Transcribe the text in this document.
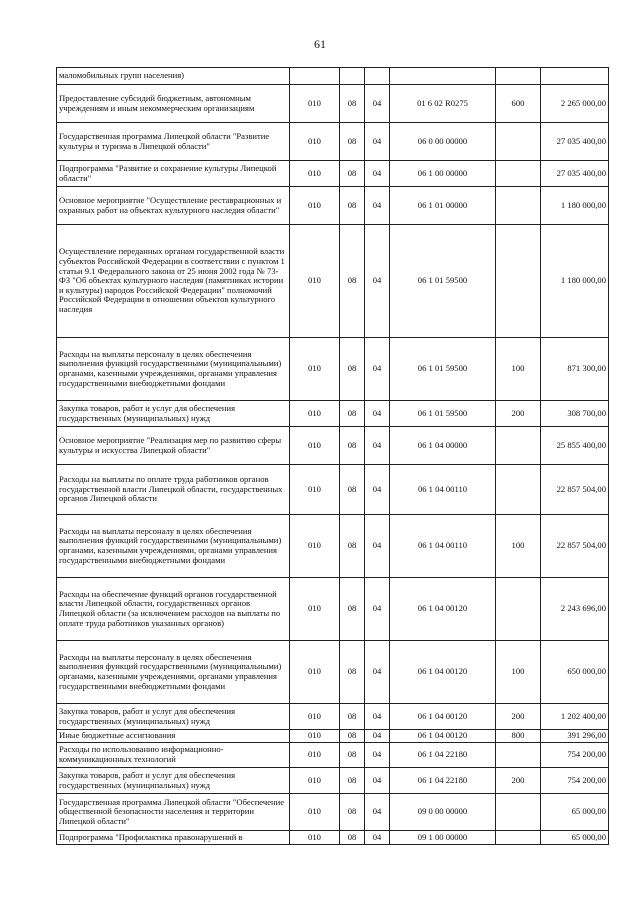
61
маломобильных групп населения)						
Предоставление субсидий бюджетным, автономным учреждениям и иным некоммерческим организациям	010	08	04	01 6 02 R0275	600	2 265 000,00
Государственная программа Липецкой области "Развитие культуры и туризма в Липецкой области"	010	08	04	06 0 00 00000		27 035 400,00
Подпрограмма "Развитие и сохранение культуры Липецкой области"	010	08	04	06 1 00 00000		27 035 400,00
Основное мероприятие "Осуществление реставрационных и охранных работ на объектах культурного наследия области"	010	08	04	06 1 01 00000		1 180 000,00
Осуществление переданных органам государственной власти субъектов Российской Федерации в соответствии с пунктом 1 статьи 9.1 Федерального закона от 25 июня 2002 года № 73-ФЗ "Об объектах культурного наследия (памятниках истории и культуры) народов Российской Федерации" полномочий Российской Федерации в отношении объектов культурного наследия	010	08	04	06 1 01 59500		1 180 000,00
Расходы на выплаты персоналу в целях обеспечения выполнения функций государственными (муниципальными) органами, казенными учреждениями, органами управления государственными внебюджетными фондами	010	08	04	06 1 01 59500	100	871 300,00
Закупка товаров, работ и услуг для обеспечения государственных (муниципальных) нужд	010	08	04	06 1 01 59500	200	308 700,00
Основное мероприятие "Реализация мер по развитию сферы культуры и искусства Липецкой области"	010	08	04	06 1 04 00000		25 855 400,00
Расходы на выплаты по оплате труда работников органов государственной власти Липецкой области, государственных органов Липецкой области	010	08	04	06 1 04 00110		22 857 504,00
Расходы на выплаты персоналу в целях обеспечения выполнения функций государственными (муниципальными) органами, казенными учреждениями, органами управления государственными внебюджетными фондами	010	08	04	06 1 04 00110	100	22 857 504,00
Расходы на обеспечение функций органов государственной власти Липецкой области, государственных органов Липецкой области (за исключением расходов на выплаты по оплате труда работников указанных органов)	010	08	04	06 1 04 00120		2 243 696,00
Расходы на выплаты персоналу в целях обеспечения выполнения функций государственными (муниципальными) органами, казенными учреждениями, органами управления государственными внебюджетными фондами	010	08	04	06 1 04 00120	100	650 000,00
Закупка товаров, работ и услуг для обеспечения государственных (муниципальных) нужд	010	08	04	06 1 04 00120	200	1 202 400,00
Иные бюджетные ассигнования	010	08	04	06 1 04 00120	800	391 296,00
Расходы по использованию информационно-коммуникационных технологий	010	08	04	06 1 04 22180		754 200,00
Закупка товаров, работ и услуг для обеспечения государственных (муниципальных) нужд	010	08	04	06 1 04 22180	200	754 200,00
Государственная программа Липецкой области "Обеспечение общественной безопасности населения и территории Липецкой области"	010	08	04	09 0 00 00000		65 000,00
Подпрограмма "Профилактика правонарушений в	010	08	04	09 1 00 00000		65 000,00
